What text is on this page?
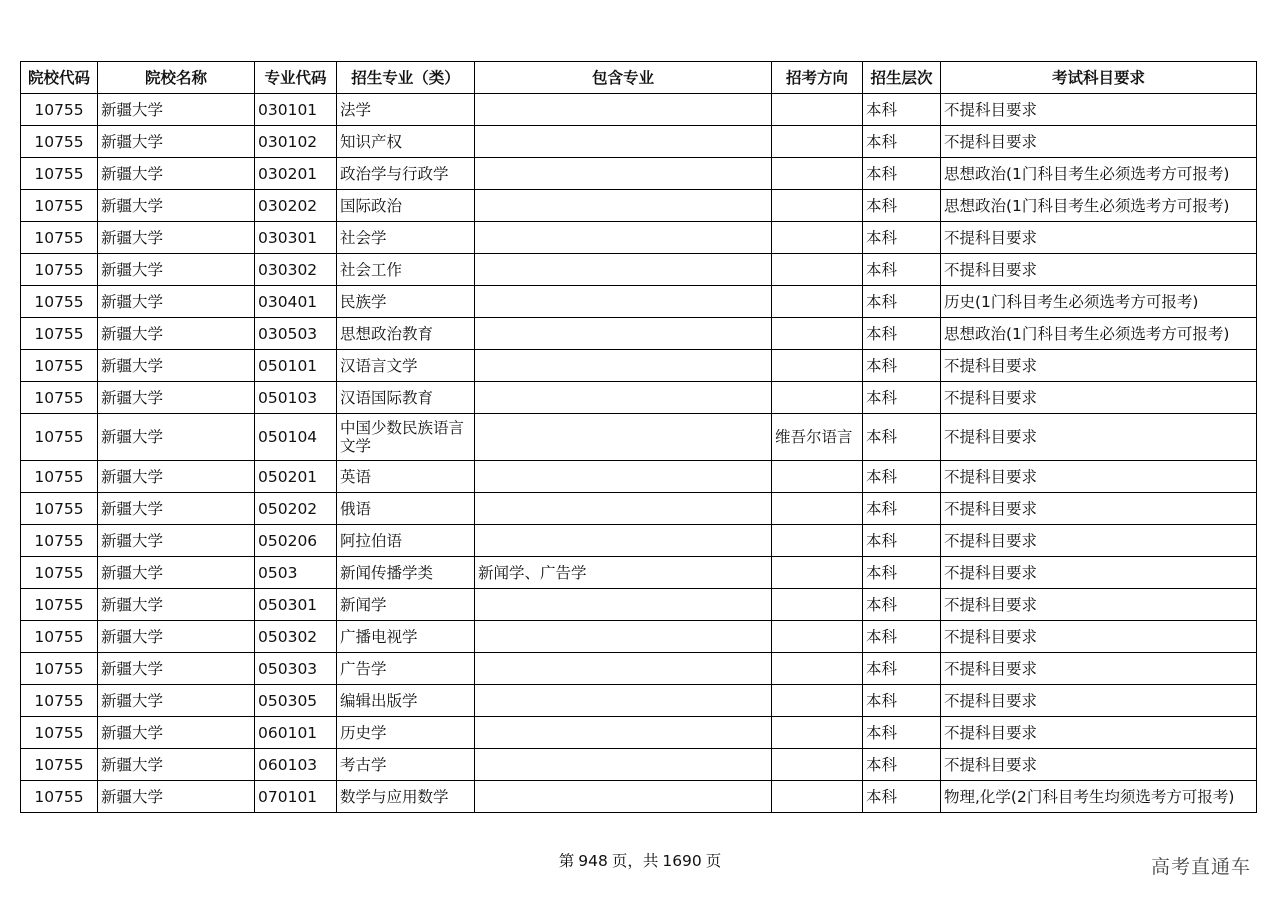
院校代码	院校名称	专业代码	招生专业（类）	包含专业	招考方向	招生层次	考试科目要求
10755	新疆大学	030101	法学			本科	不提科目要求
10755	新疆大学	030102	知识产权			本科	不提科目要求
10755	新疆大学	030201	政治学与行政学			本科	思想政治(1门科目考生必须选考方可报考)
10755	新疆大学	030202	国际政治			本科	思想政治(1门科目考生必须选考方可报考)
10755	新疆大学	030301	社会学			本科	不提科目要求
10755	新疆大学	030302	社会工作			本科	不提科目要求
10755	新疆大学	030401	民族学			本科	历史(1门科目考生必须选考方可报考)
10755	新疆大学	030503	思想政治教育			本科	思想政治(1门科目考生必须选考方可报考)
10755	新疆大学	050101	汉语言文学			本科	不提科目要求
10755	新疆大学	050103	汉语国际教育			本科	不提科目要求
10755	新疆大学	050104	中国少数民族语言文学		维吾尔语言	本科	不提科目要求
10755	新疆大学	050201	英语			本科	不提科目要求
10755	新疆大学	050202	俄语			本科	不提科目要求
10755	新疆大学	050206	阿拉伯语			本科	不提科目要求
10755	新疆大学	0503	新闻传播学类	新闻学、广告学		本科	不提科目要求
10755	新疆大学	050301	新闻学			本科	不提科目要求
10755	新疆大学	050302	广播电视学			本科	不提科目要求
10755	新疆大学	050303	广告学			本科	不提科目要求
10755	新疆大学	050305	编辑出版学			本科	不提科目要求
10755	新疆大学	060101	历史学			本科	不提科目要求
10755	新疆大学	060103	考古学			本科	不提科目要求
10755	新疆大学	070101	数学与应用数学			本科	物理,化学(2门科目考生均须选考方可报考)
第 948 页，共 1690 页	高考直通车
